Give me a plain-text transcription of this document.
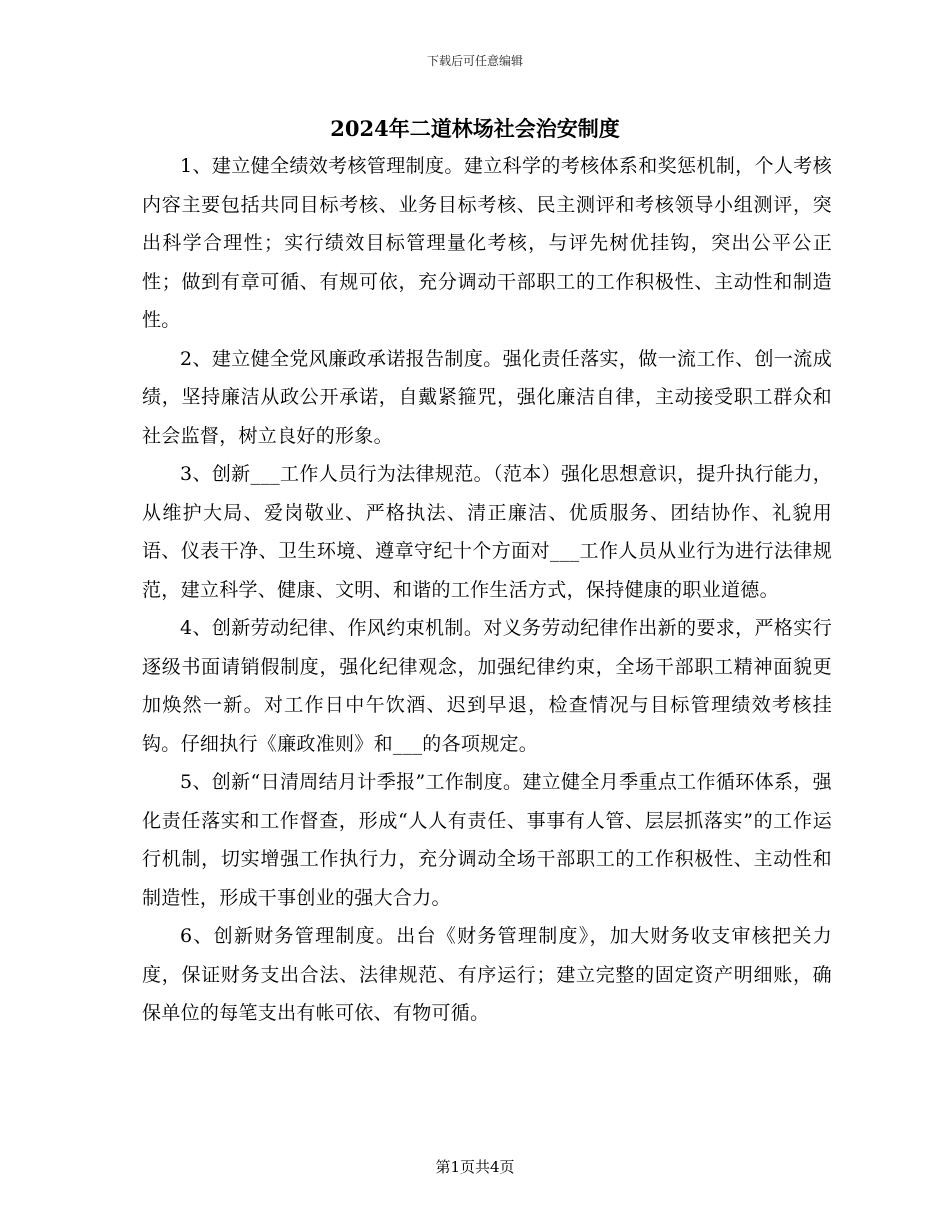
下载后可任意编辑
2024年二道林场社会治安制度

1、建立健全绩效考核管理制度。建立科学的考核体系和奖惩机制，个人考核内容主要包括共同目标考核、业务目标考核、民主测评和考核领导小组测评，突出科学合理性；实行绩效目标管理量化考核，与评先树优挂钩，突出公平公正性；做到有章可循、有规可依，充分调动干部职工的工作积极性、主动性和制造性。

2、建立健全党风廉政承诺报告制度。强化责任落实，做一流工作、创一流成绩，坚持廉洁从政公开承诺，自戴紧箍咒，强化廉洁自律，主动接受职工群众和社会监督，树立良好的形象。

3、创新___工作人员行为法律规范。（范本）强化思想意识，提升执行能力，从维护大局、爱岗敬业、严格执法、清正廉洁、优质服务、团结协作、礼貌用语、仪表干净、卫生环境、遵章守纪十个方面对___工作人员从业行为进行法律规范，建立科学、健康、文明、和谐的工作生活方式，保持健康的职业道德。

4、创新劳动纪律、作风约束机制。对义务劳动纪律作出新的要求，严格实行逐级书面请销假制度，强化纪律观念，加强纪律约束，全场干部职工精神面貌更加焕然一新。对工作日中午饮酒、迟到早退，检查情况与目标管理绩效考核挂钩。仔细执行《廉政准则》和___的各项规定。

5、创新“日清周结月计季报”工作制度。建立健全月季重点工作循环体系，强化责任落实和工作督查，形成“人人有责任、事事有人管、层层抓落实”的工作运行机制，切实增强工作执行力，充分调动全场干部职工的工作积极性、主动性和制造性，形成干事创业的强大合力。

6、创新财务管理制度。出台《财务管理制度》，加大财务收支审核把关力度，保证财务支出合法、法律规范、有序运行；建立完整的固定资产明细账，确保单位的每笔支出有帐可依、有物可循。

第1页共4页
